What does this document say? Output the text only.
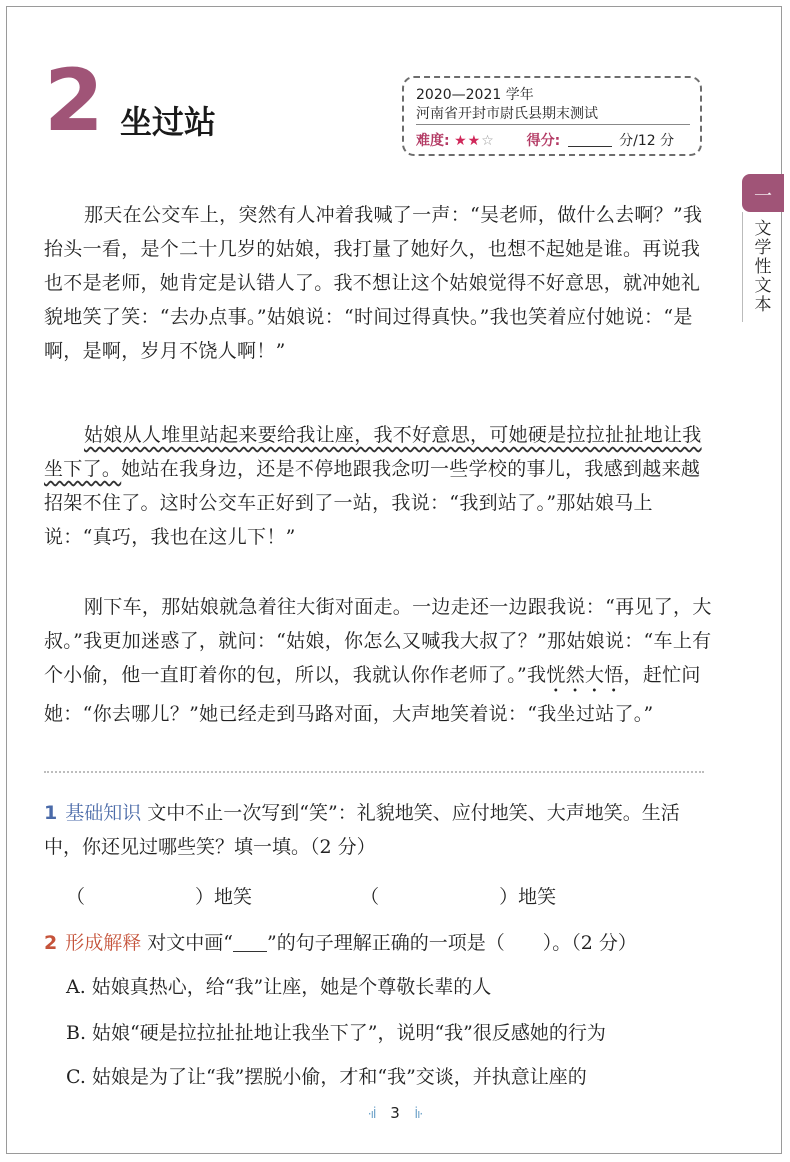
2 坐过站
2020—2021 学年
河南省开封市尉氏县期末测试
难度: ★★☆ 得分:	分/12 分
一
文学性文本

那天在公交车上，突然有人冲着我喊了一声：“吴老师，做什么去啊？”我抬头一看，是个二十几岁的姑娘，我打量了她好久，也想不起她是谁。再说我也不是老师，她肯定是认错人了。我不想让这个姑娘觉得不好意思，就冲她礼貌地笑了笑：“去办点事。”姑娘说：“时间过得真快。”我也笑着应付她说：“是啊，是啊，岁月不饶人啊！”

姑娘从人堆里站起来要给我让座，我不好意思，可她硬是拉拉扯扯地让我坐下了。她站在我身边，还是不停地跟我念叨一些学校的事儿，我感到越来越招架不住了。这时公交车正好到了一站，我说：“我到站了。”那姑娘马上说：“真巧，我也在这儿下！”

刚下车，那姑娘就急着往大街对面走。一边走还一边跟我说：“再见了，大叔。”我更加迷惑了，就问：“姑娘，你怎么又喊我大叔了？”那姑娘说：“车上有个小偷，他一直盯着你的包，所以，我就认你作老师了。”我恍然大悟，赶忙问她：“你去哪儿？”她已经走到马路对面，大声地笑着说：“我坐过站了。”

1 基础知识 文中不止一次写到“笑”：礼貌地笑、应付地笑、大声地笑。生活中，你还见过哪些笑？填一填。（2 分）
（	）地笑	（	）地笑
2 形成解释 对文中画“ ”的句子理解正确的一项是（　　）。（2 分）
A. 姑娘真热心，给“我”让座，她是个尊敬长辈的人
B. 姑娘“硬是拉拉扯扯地让我坐下了”，说明“我”很反感她的行为
C. 姑娘是为了让“我”摆脱小偷，才和“我”交谈，并执意让座的
·ıİ 3 İı·
